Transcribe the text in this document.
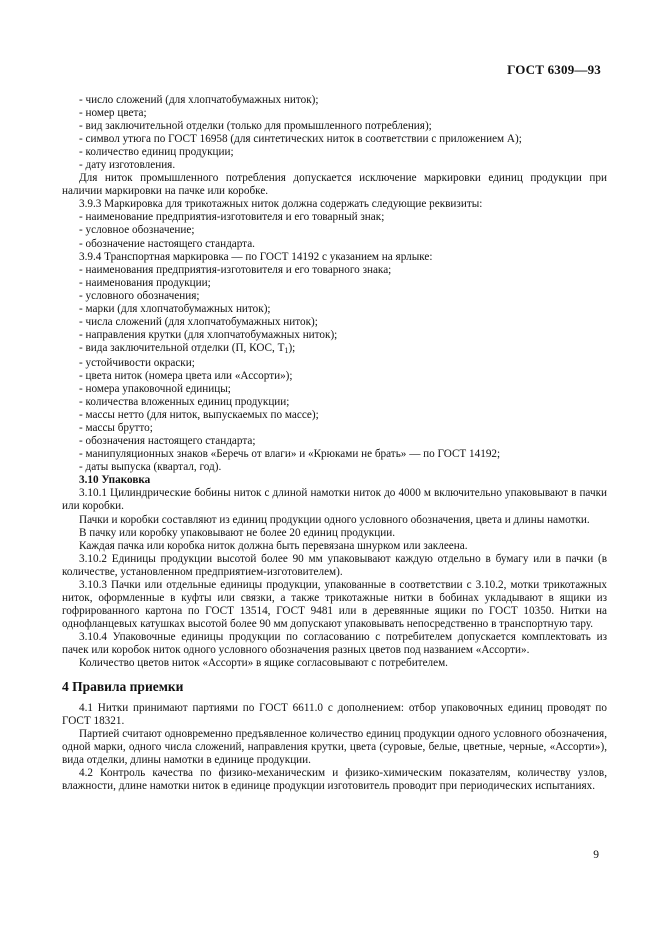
ГОСТ 6309—93

- число сложений (для хлопчатобумажных ниток);

- номер цвета;

- вид заключительной отделки (только для промышленного потребления);

- символ утюга по ГОСТ 16958 (для синтетических ниток в соответствии с приложением А);

- количество единиц продукции;

- дату изготовления.

Для ниток промышленного потребления допускается исключение маркировки единиц продукции при наличии маркировки на пачке или коробке.

3.9.3 Маркировка для трикотажных ниток должна содержать следующие реквизиты:

- наименование предприятия-изготовителя и его товарный знак;

- условное обозначение;

- обозначение настоящего стандарта.

3.9.4 Транспортная маркировка — по ГОСТ 14192 с указанием на ярлыке:

- наименования предприятия-изготовителя и его товарного знака;

- наименования продукции;

- условного обозначения;

- марки (для хлопчатобумажных ниток);

- числа сложений (для хлопчатобумажных ниток);

- направления крутки (для хлопчатобумажных ниток);

- вида заключительной отделки (П, КОС, $Т_1$);

- устойчивости окраски;

- цвета ниток (номера цвета или «Ассорти»);

- номера упаковочной единицы;

- количества вложенных единиц продукции;

- массы нетто (для ниток, выпускаемых по массе);

- массы брутто;

- обозначения настоящего стандарта;

- манипуляционных знаков «Беречь от влаги» и «Крюками не брать» — по ГОСТ 14192;

- даты выпуска (квартал, год).

3.10 Упаковка

3.10.1 Цилиндрические бобины ниток с длиной намотки ниток до 4000 м включительно упаковывают в пачки или коробки.

Пачки и коробки составляют из единиц продукции одного условного обозначения, цвета и длины намотки.

В пачку или коробку упаковывают не более 20 единиц продукции.

Каждая пачка или коробка ниток должна быть перевязана шнурком или заклеена.

3.10.2 Единицы продукции высотой более 90 мм упаковывают каждую отдельно в бумагу или в пачки (в количестве, установленном предприятием-изготовителем).

3.10.3 Пачки или отдельные единицы продукции, упакованные в соответствии с 3.10.2, мотки трикотажных ниток, оформленные в куфты или связки, а также трикотажные нитки в бобинах укладывают в ящики из гофрированного картона по ГОСТ 13514, ГОСТ 9481 или в деревянные ящики по ГОСТ 10350. Нитки на однофланцевых катушках высотой более 90 мм допускают упаковывать непосредственно в транспортную тару.

3.10.4 Упаковочные единицы продукции по согласованию с потребителем допускается комплектовать из пачек или коробок ниток одного условного обозначения разных цветов под названием «Ассорти».

Количество цветов ниток «Ассорти» в ящике согласовывают с потребителем.

4 Правила приемки

4.1 Нитки принимают партиями по ГОСТ 6611.0 с дополнением: отбор упаковочных единиц проводят по ГОСТ 18321.

Партией считают одновременно предъявленное количество единиц продукции одного условного обозначения, одной марки, одного числа сложений, направления крутки, цвета (суровые, белые, цветные, черные, «Ассорти»), вида отделки, длины намотки в единице продукции.

4.2 Контроль качества по физико-механическим и физико-химическим показателям, количеству узлов, влажности, длине намотки ниток в единице продукции изготовитель проводит при периодических испытаниях.

9
